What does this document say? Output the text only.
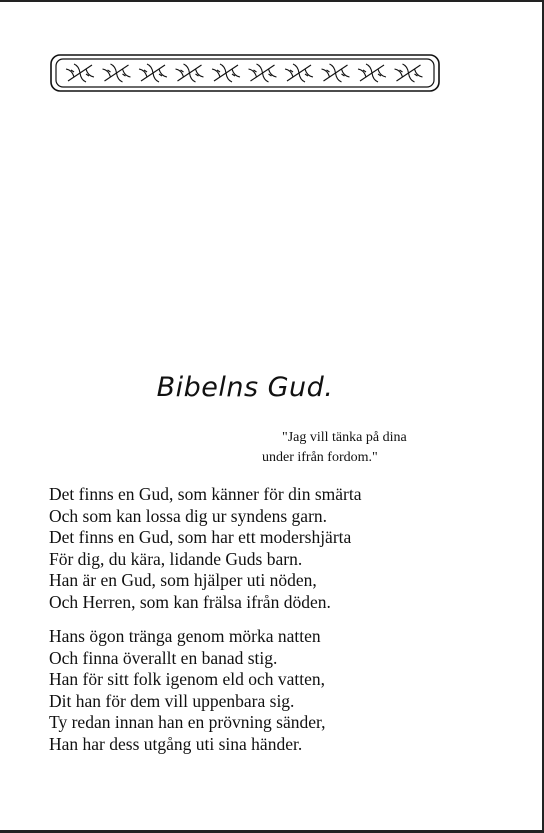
Bibelns Gud.
"Jag vill tänka på dina
under ifrån fordom."
Det finns en Gud, som känner för din smärta
Och som kan lossa dig ur syndens garn.
Det finns en Gud, som har ett modershjärta
För dig, du kära, lidande Guds barn.
Han är en Gud, som hjälper uti nöden,
Och Herren, som kan frälsa ifrån döden.
Hans ögon tränga genom mörka natten
Och finna överallt en banad stig.
Han för sitt folk igenom eld och vatten,
Dit han för dem vill uppenbara sig.
Ty redan innan han en prövning sänder,
Han har dess utgång uti sina händer.
